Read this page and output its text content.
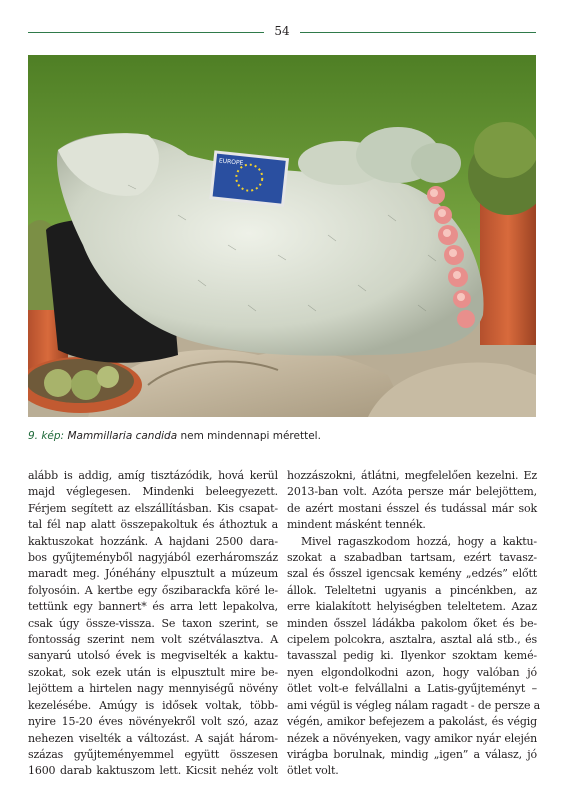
54
EUROPE
9. kép: Mammillaria candida nem mindennapi mérettel.
alább is addig, amíg tisztázódik, hová kerül
majd véglegesen. Mindenki beleegyezett.
Férjem segített az elszállításban. Kis csapat-
tal fél nap alatt összepakoltuk és áthoztuk a
kaktuszokat hozzánk. A hajdani 2500 dara-
bos gyűjteményből nagyjából ezerháromszáz
maradt meg. Jónéhány elpusztult a múzeum
folyosóin. A kertbe egy őszibarackfa köré le-
tettünk egy bannert* és arra lett lepakolva,
csak úgy össze-vissza. Se taxon szerint, se
fontosság szerint nem volt szétválasztva. A
sanyarú utolsó évek is megviselték a kaktu-
szokat, sok ezek után is elpusztult mire be-
lejöttem a hirtelen nagy mennyiségű növény
kezelésébe. Amúgy is idősek voltak, több-
nyire 15-20 éves növényekről volt szó, azaz
nehezen viselték a változást. A saját három-
százas gyűjteményemmel együtt összesen
1600 darab kaktuszom lett. Kicsit nehéz volt
hozzászokni, átlátni, megfelelően kezelni. Ez
2013-ban volt. Azóta persze már belejöttem,
de azért mostani ésszel és tudással már sok
mindent másként tennék.
Mivel ragaszkodom hozzá, hogy a kaktu-
szokat a szabadban tartsam, ezért tavasz-
szal és ősszel igencsak kemény „edzés” előtt
állok. Teleltetni ugyanis a pincénkben, az
erre kialakított helyiségben teleltetem. Azaz
minden ősszel ládákba pakolom őket és be-
cipelem polcokra, asztalra, asztal alá stb., és
tavasszal pedig ki. Ilyenkor szoktam kemé-
nyen elgondolkodni azon, hogy valóban jó
ötlet volt-e felvállalni a Latis-gyűjteményt –
ami végül is végleg nálam ragadt - de persze a
végén, amikor befejezem a pakolást, és végig
nézek a növényeken, vagy amikor nyár elején
virágba borulnak, mindig „igen” a válasz, jó
ötlet volt.
